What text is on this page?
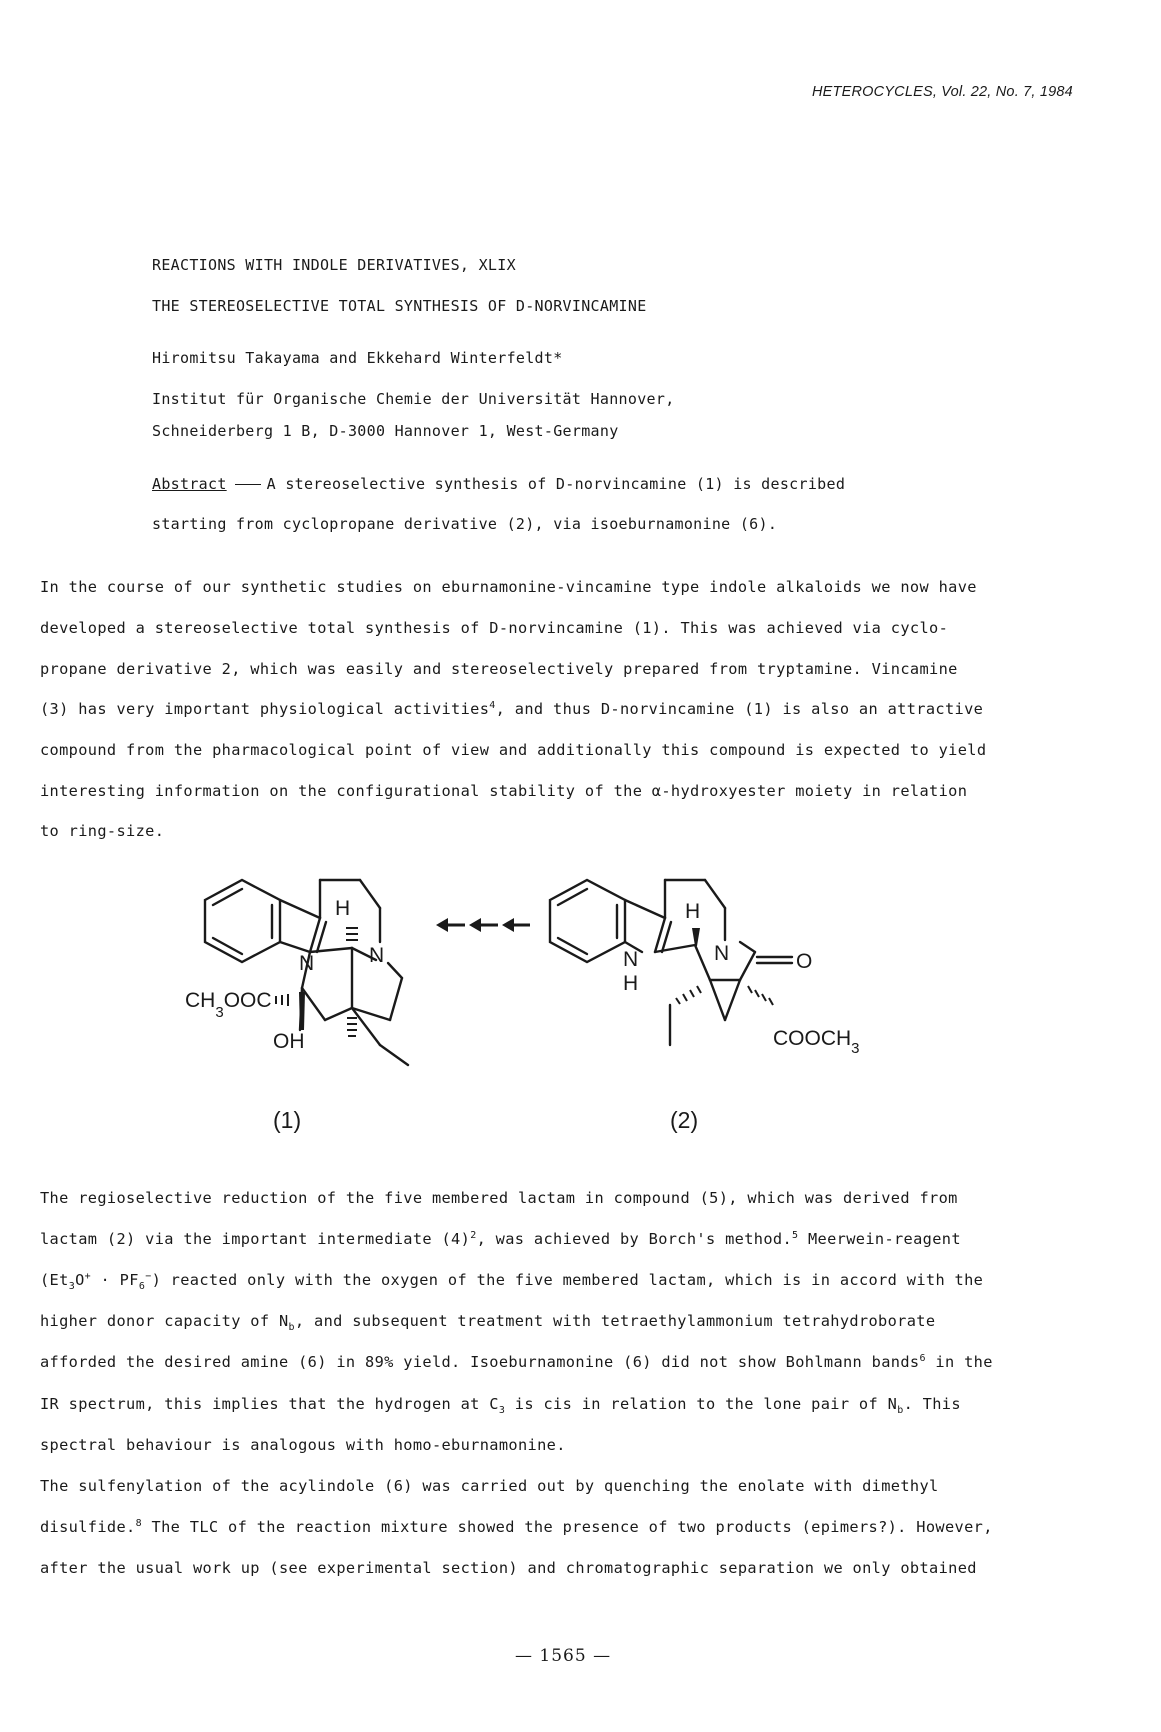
HETEROCYCLES, Vol. 22, No. 7, 1984
REACTIONS WITH INDOLE DERIVATIVES, XLIX
THE STEREOSELECTIVE TOTAL SYNTHESIS OF D-NORVINCAMINE
Hiromitsu Takayama and Ekkehard Winterfeldt*
Institut für Organische Chemie der Universität Hannover,
Schneiderberg 1 B, D-3000 Hannover 1, West-Germany
Abstract	A stereoselective synthesis of D-norvincamine (1) is described
starting from cyclopropane derivative (2), via isoeburnamonine (6).
In the course of our synthetic studies on eburnamonine-vincamine type indole alkaloids we now have
developed a stereoselective total synthesis of D-norvincamine (1). This was achieved via cyclo-
propane derivative 2, which was easily and stereoselectively prepared from tryptamine. Vincamine
(3) has very important physiological activities$^4$, and thus D-norvincamine (1) is also an attractive
compound from the pharmacological point of view and additionally this compound is expected to yield
interesting information on the configurational stability of the α-hydroxyester moiety in relation
to ring-size.
H
N	N
$CH_3OOC$
OH
H
N
H
N	O
$COOCH_3$
(1)	(2)
The regioselective reduction of the five membered lactam in compound (5), which was derived from
lactam (2) via the important intermediate $(4)^2$, was achieved by Borch's method.$^5$ Meerwein-reagent
$(Et_3O^+ \cdot PF_6^-)$ reacted only with the oxygen of the five membered lactam, which is in accord with the
higher donor capacity of $N_b$, and subsequent treatment with tetraethylammonium tetrahydroborate
afforded the desired amine (6) in 89% yield. Isoeburnamonine (6) did not show Bohlmann bands$^6$ in the
IR spectrum, this implies that the hydrogen at $C_3$ is cis in relation to the lone pair of $N_b$. This
spectral behaviour is analogous with homo-eburnamonine.
The sulfenylation of the acylindole (6) was carried out by quenching the enolate with dimethyl
disulfide.$^8$ The TLC of the reaction mixture showed the presence of two products (epimers?). However,
after the usual work up (see experimental section) and chromatographic separation we only obtained
— 1565 —
